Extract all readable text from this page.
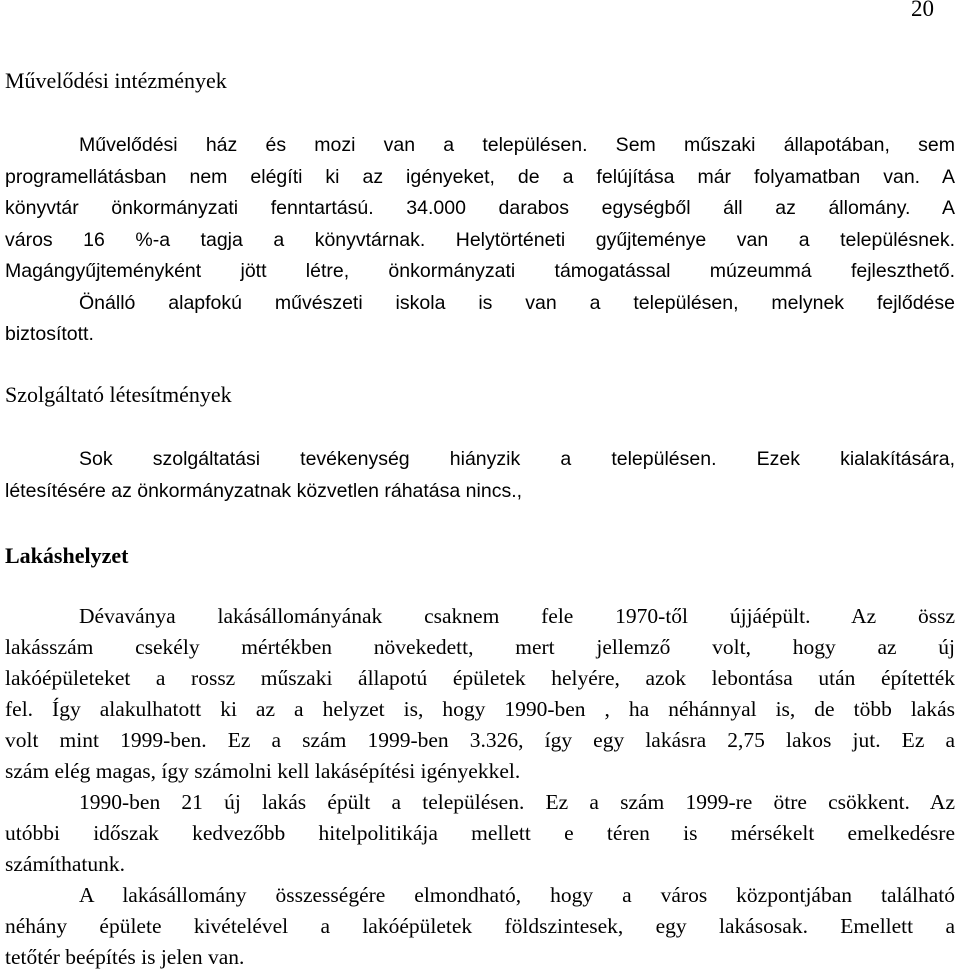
20
Művelődési intézmények
Művelődési ház és mozi van a településen. Sem műszaki állapotában, sem
programellátásban nem elégíti ki az igényeket, de a felújítása már folyamatban van. A
könyvtár önkormányzati fenntartású. 34.000 darabos egységből áll az állomány. A
város 16 %-a tagja a könyvtárnak. Helytörténeti gyűjteménye van a településnek.
Magángyűjteményként jött létre, önkormányzati támogatással múzeummá fejleszthető.
Önálló alapfokú művészeti iskola is van a településen, melynek fejlődése
biztosított.
Szolgáltató létesítmények
Sok szolgáltatási tevékenység hiányzik a településen. Ezek kialakítására,
létesítésére az önkormányzatnak közvetlen ráhatása nincs.,
Lakáshelyzet
Dévaványa lakásállományának csaknem fele 1970-től újjáépült. Az össz
lakásszám csekély mértékben növekedett, mert jellemző volt, hogy az új
lakóépületeket a rossz műszaki állapotú épületek helyére, azok lebontása után építették
fel. Így alakulhatott ki az a helyzet is, hogy 1990-ben , ha néhánnyal is, de több lakás
volt mint 1999-ben. Ez a szám 1999-ben 3.326, így egy lakásra 2,75 lakos jut. Ez a
szám elég magas, így számolni kell lakásépítési igényekkel.
1990-ben 21 új lakás épült a településen. Ez a szám 1999-re ötre csökkent. Az
utóbbi időszak kedvezőbb hitelpolitikája mellett e téren is mérsékelt emelkedésre
számíthatunk.
A lakásállomány összességére elmondható, hogy a város központjában található
néhány épülete kivételével a lakóépületek földszintesek, egy lakásosak. Emellett a
tetőtér beépítés is jelen van.
